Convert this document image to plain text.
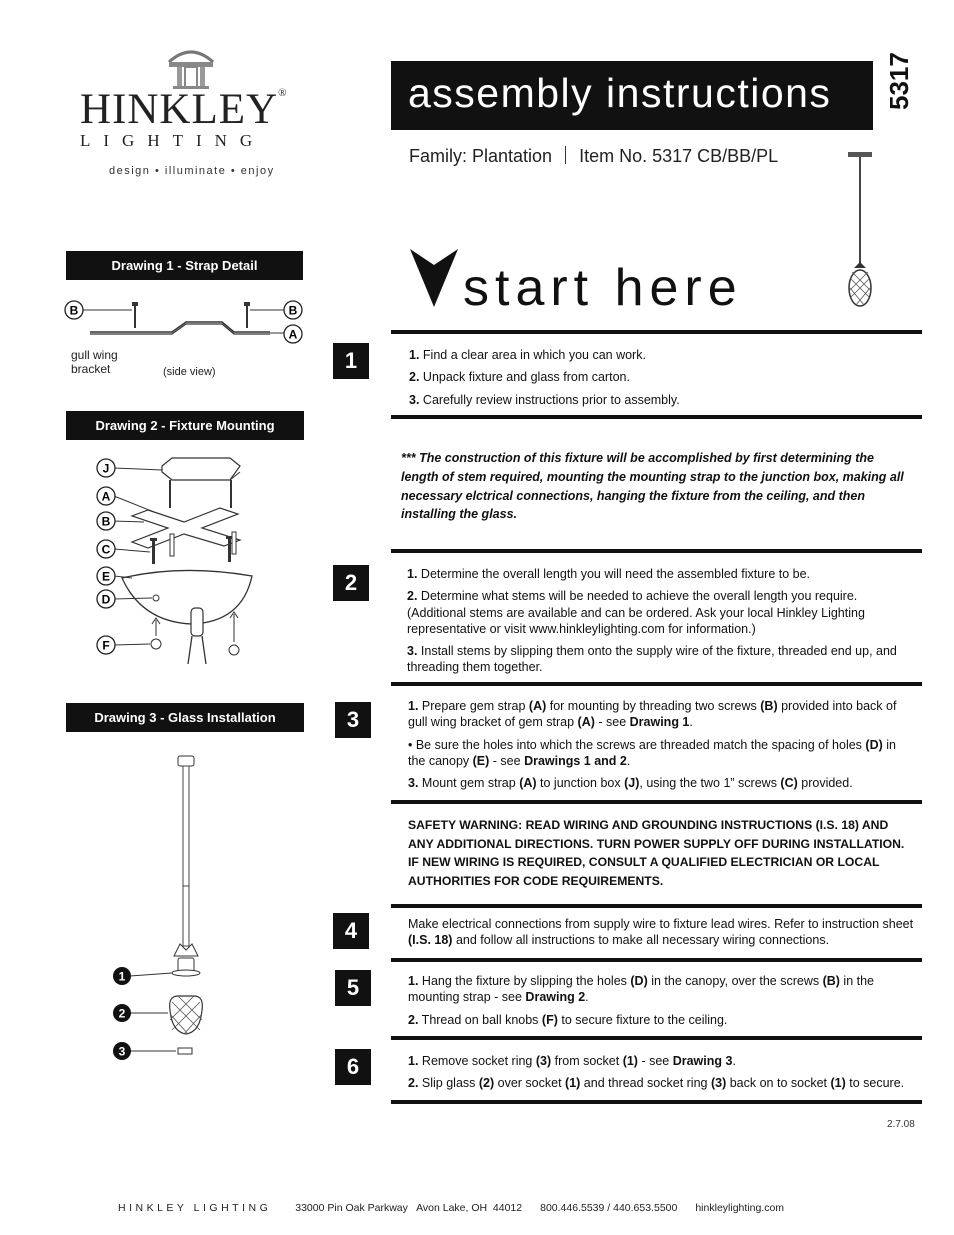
HINKLEY®
LIGHTING
design • illuminate • enjoy
assembly instructions 5317
Family: Plantation Item No. 5317 CB/BB/PL
start here
1	1. Find a clear area in which you can work.

2. Unpack fixture and glass from carton.

3. Carefully review instructions prior to assembly.

*** The construction of this fixture will be accomplished by first determining the length of stem required, mounting the mounting strap to the junction box, making all necessary elctrical connections, hanging the fixture from the ceiling, and then installing the glass.
2	1. Determine the overall length you will need the assembled fixture to be.

2. Determine what stems will be needed to achieve the overall length you require. (Additional stems are available and can be ordered. Ask your local Hinkley Lighting representative or visit www.hinkleylighting.com for information.)

3. Install stems by slipping them onto the supply wire of the fixture, threaded end up, and threading them together.

3

1. Prepare gem strap (A) for mounting by threading two screws (B) provided into back of gull wing bracket of gem strap (A) - see Drawing 1.

• Be sure the holes into which the screws are threaded match the spacing of holes (D) in the canopy (E) - see Drawings 1 and 2.

3. Mount gem strap (A) to junction box (J), using the two 1” screws (C) provided.

SAFETY WARNING: READ WIRING AND GROUNDING INSTRUCTIONS (I.S. 18) AND ANY ADDITIONAL DIRECTIONS. TURN POWER SUPPLY OFF DURING INSTALLATION. IF NEW WIRING IS REQUIRED, CONSULT A QUALIFIED ELECTRICIAN OR LOCAL AUTHORITIES FOR CODE REQUIREMENTS.
4	Make electrical connections from supply wire to fixture lead wires. Refer to instruction sheet (I.S. 18) and follow all instructions to make all necessary wiring connections.

5	1. Hang the fixture by slipping the holes (D) in the canopy, over the screws (B) in the mounting strap - see Drawing 2.

2. Thread on ball knobs (F) to secure fixture to the ceiling.

6	1. Remove socket ring (3) from socket (1) - see Drawing 3.

2. Slip glass (2) over socket (1) and thread socket ring (3) back on to socket (1) to secure.

2.7.08
Drawing 1 - Strap Detail
B	B
A
gull wing
bracket	(side view)
Drawing 2 - Fixture Mounting
J
A
B
C
E
D
F
Drawing 3 - Glass Installation
1
2
3
HINKLEY LIGHTING 33000 Pin Oak Parkway   Avon Lake, OH  44012 800.446.5539 / 440.653.5500 hinkleylighting.com
